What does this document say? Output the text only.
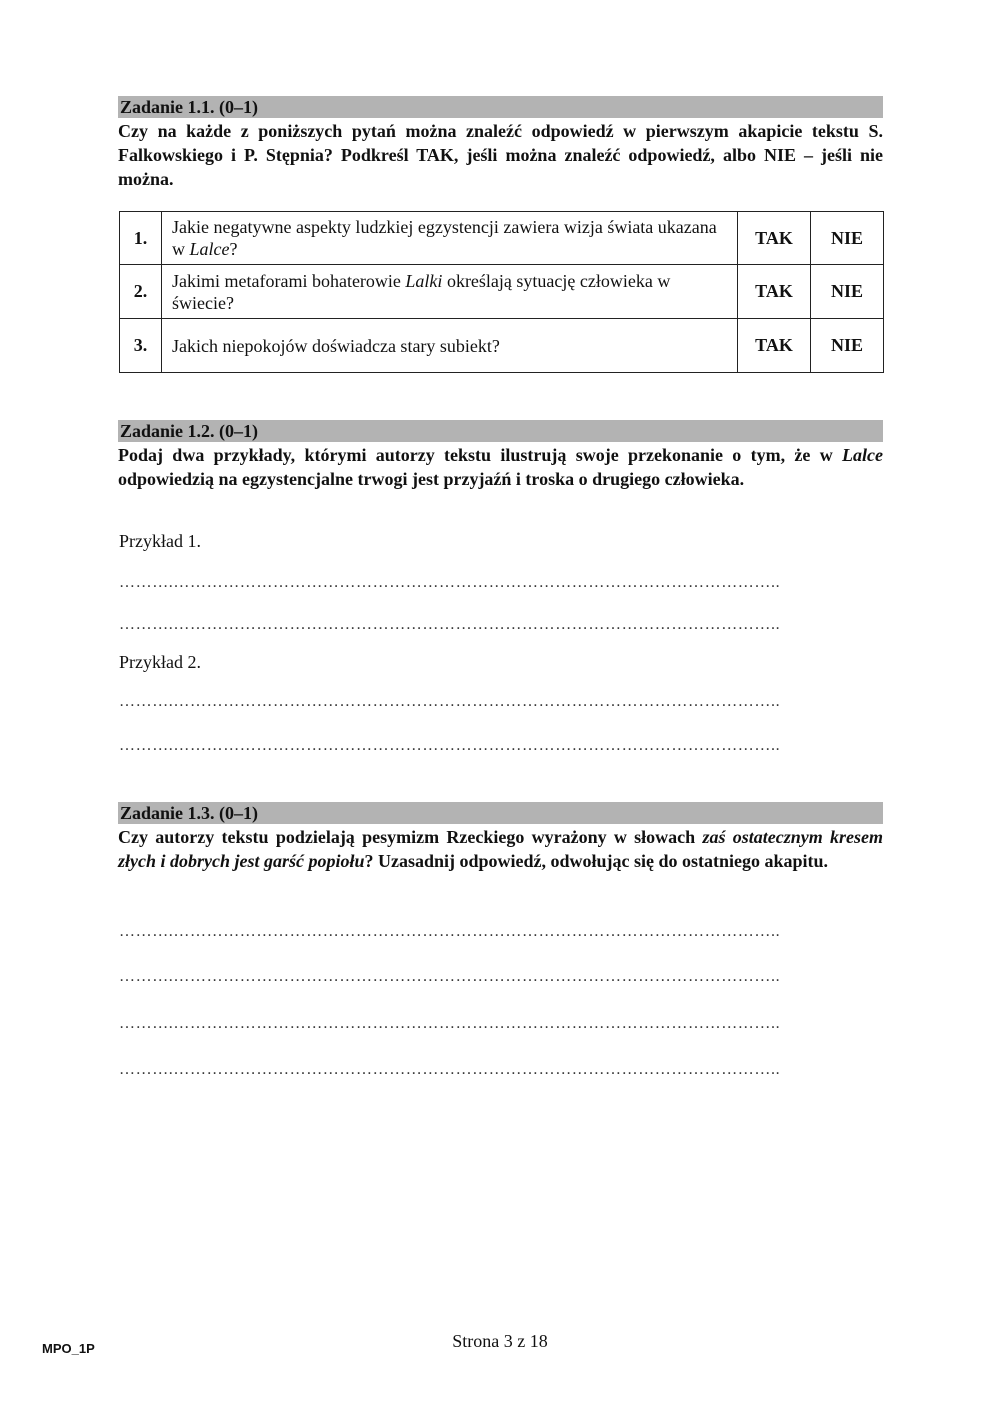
Zadanie 1.1. (0–1)

Czy na każde z poniższych pytań można znaleźć odpowiedź w pierwszym akapicie tekstu S. Falkowskiego i P. Stępnia? Podkreśl TAK, jeśli można znaleźć odpowiedź, albo NIE – jeśli nie można.

1.	Jakie negatywne aspekty ludzkiej egzystencji zawiera wizja świata ukazana w Lalce?	TAK	NIE
2.	Jakimi metaforami bohaterowie Lalki określają sytuację człowieka w świecie?	TAK	NIE
3.	Jakich niepokojów doświadcza stary subiekt?	TAK	NIE
Zadanie 1.2. (0–1)

Podaj dwa przykłady, którymi autorzy tekstu ilustrują swoje przekonanie o tym, że w Lalce odpowiedzią na egzystencjalne trwogi jest przyjaźń i troska o drugiego człowieka.

Przykład 1.
……….………………………………………………………………………………………………..
……….………………………………………………………………………………………………..
Przykład 2.
……….………………………………………………………………………………………………..
……….………………………………………………………………………………………………..
Zadanie 1.3. (0–1)

Czy autorzy tekstu podzielają pesymizm Rzeckiego wyrażony w słowach zaś ostatecznym kresem złych i dobrych jest garść popiołu? Uzasadnij odpowiedź, odwołując się do ostatniego akapitu.

……….………………………………………………………………………………………………..
……….………………………………………………………………………………………………..
……….………………………………………………………………………………………………..
……….………………………………………………………………………………………………..
MPO_1P	Strona 3 z 18
